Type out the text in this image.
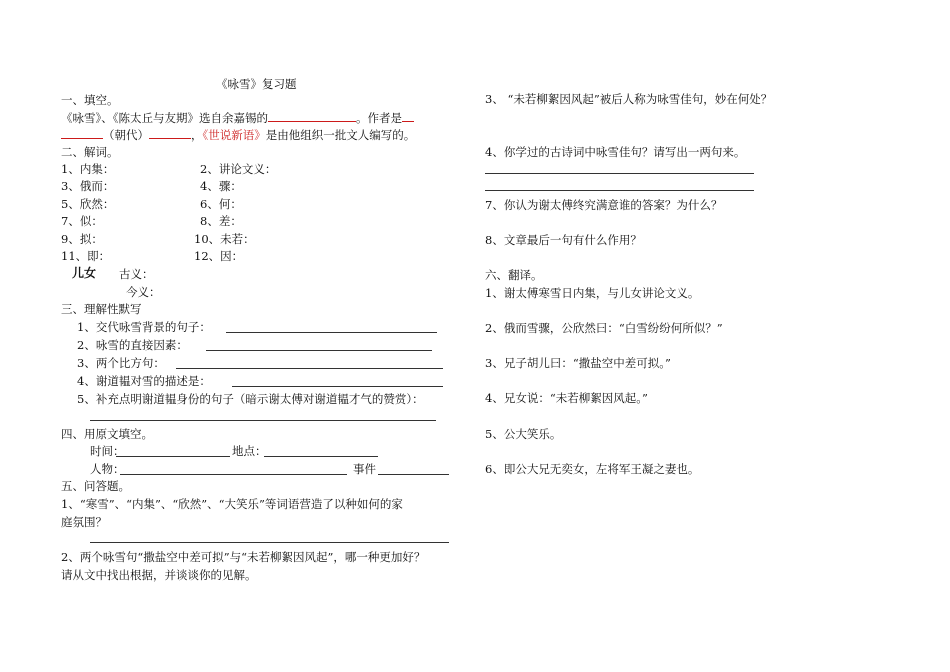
《咏雪》复习题
一、填空。
《咏雪》、《陈太丘与友期》选自余嘉锡的	。作者是
（朝代）	，《世说新语》是由他组织一批文人编写的。
二、解词。
1、内集：	2、讲论文义：
3、俄而：	4、骤：
5、欣然：	6、何：
7、似：	8、差：
9、拟：	10、未若：
11、即：	12、因：
儿女 古义：
今义：
三、理解性默写
1、交代咏雪背景的句子：
2、咏雪的直接因素：
3、两个比方句：
4、谢道韫对雪的描述是：
5、补充点明谢道韫身份的句子（暗示谢太傅对谢道韫才气的赞赏）：
四、用原文填空。
时间：	地点：
人物：	事件
五、问答题。
1、“寒雪”、“内集”、“欣然”、“大笑乐”等词语营造了以种如何的家
庭氛围？
2、两个咏雪句“撒盐空中差可拟”与“未若柳絮因风起”，哪一种更加好？
请从文中找出根据，并谈谈你的见解。
3、 “未若柳絮因风起”被后人称为咏雪佳句，妙在何处？
4、你学过的古诗词中咏雪佳句？请写出一两句来。
7、你认为谢太傅终究满意谁的答案？为什么？
8、文章最后一句有什么作用？
六、翻译。
1、谢太傅寒雪日内集，与儿女讲论文义。
2、俄而雪骤，公欣然曰：“白雪纷纷何所似？”
3、兄子胡儿曰：“撒盐空中差可拟。”
4、兄女说：“未若柳絮因风起。”
5、公大笑乐。
6、即公大兄无奕女，左将军王凝之妻也。
